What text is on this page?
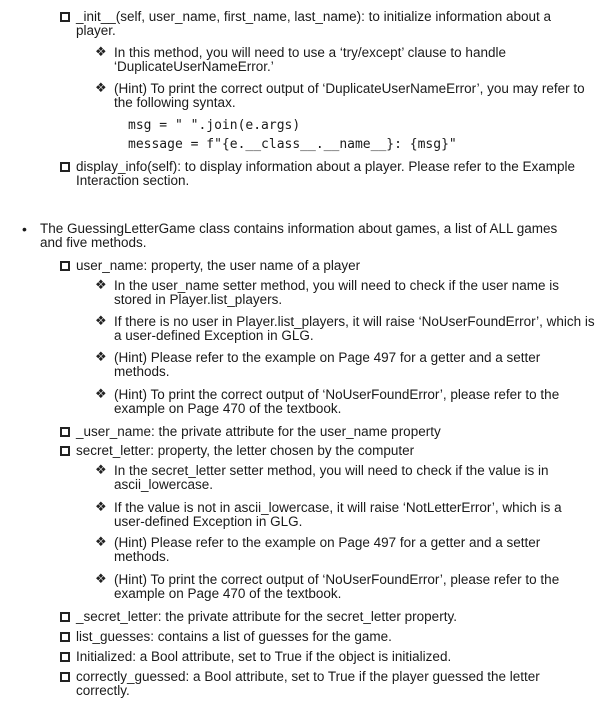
_init__(self, user_name, first_name, last_name): to initialize information about a player.
❖ In this method, you will need to use a ‘try/except’ clause to handle ‘DuplicateUserNameError.’
❖ (Hint) To print the correct output of ‘DuplicateUserNameError’, you may refer to the following syntax.
msg = " ".join(e.args)
message = f"{e.__class__.__name__}: {msg}"
display_info(self): to display information about a player. Please refer to the Example Interaction section.
• The GuessingLetterGame class contains information about games, a list of ALL games and five methods.
user_name: property, the user name of a player
❖ In the user_name setter method, you will need to check if the user name is stored in Player.list_players.
❖ If there is no user in Player.list_players, it will raise ‘NoUserFoundError’, which is a user-defined Exception in GLG.
❖ (Hint) Please refer to the example on Page 497 for a getter and a setter methods.
❖ (Hint) To print the correct output of ‘NoUserFoundError’, please refer to the example on Page 470 of the textbook.
_user_name: the private attribute for the user_name property
secret_letter: property, the letter chosen by the computer
❖ In the secret_letter setter method, you will need to check if the value is in ascii_lowercase.
❖ If the value is not in ascii_lowercase, it will raise ‘NotLetterError’, which is a user-defined Exception in GLG.
❖ (Hint) Please refer to the example on Page 497 for a getter and a setter methods.
❖ (Hint) To print the correct output of ‘NoUserFoundError’, please refer to the example on Page 470 of the textbook.
_secret_letter: the private attribute for the secret_letter property.
list_guesses: contains a list of guesses for the game.
Initialized: a Bool attribute, set to True if the object is initialized.
correctly_guessed: a Bool attribute, set to True if the player guessed the letter correctly.
